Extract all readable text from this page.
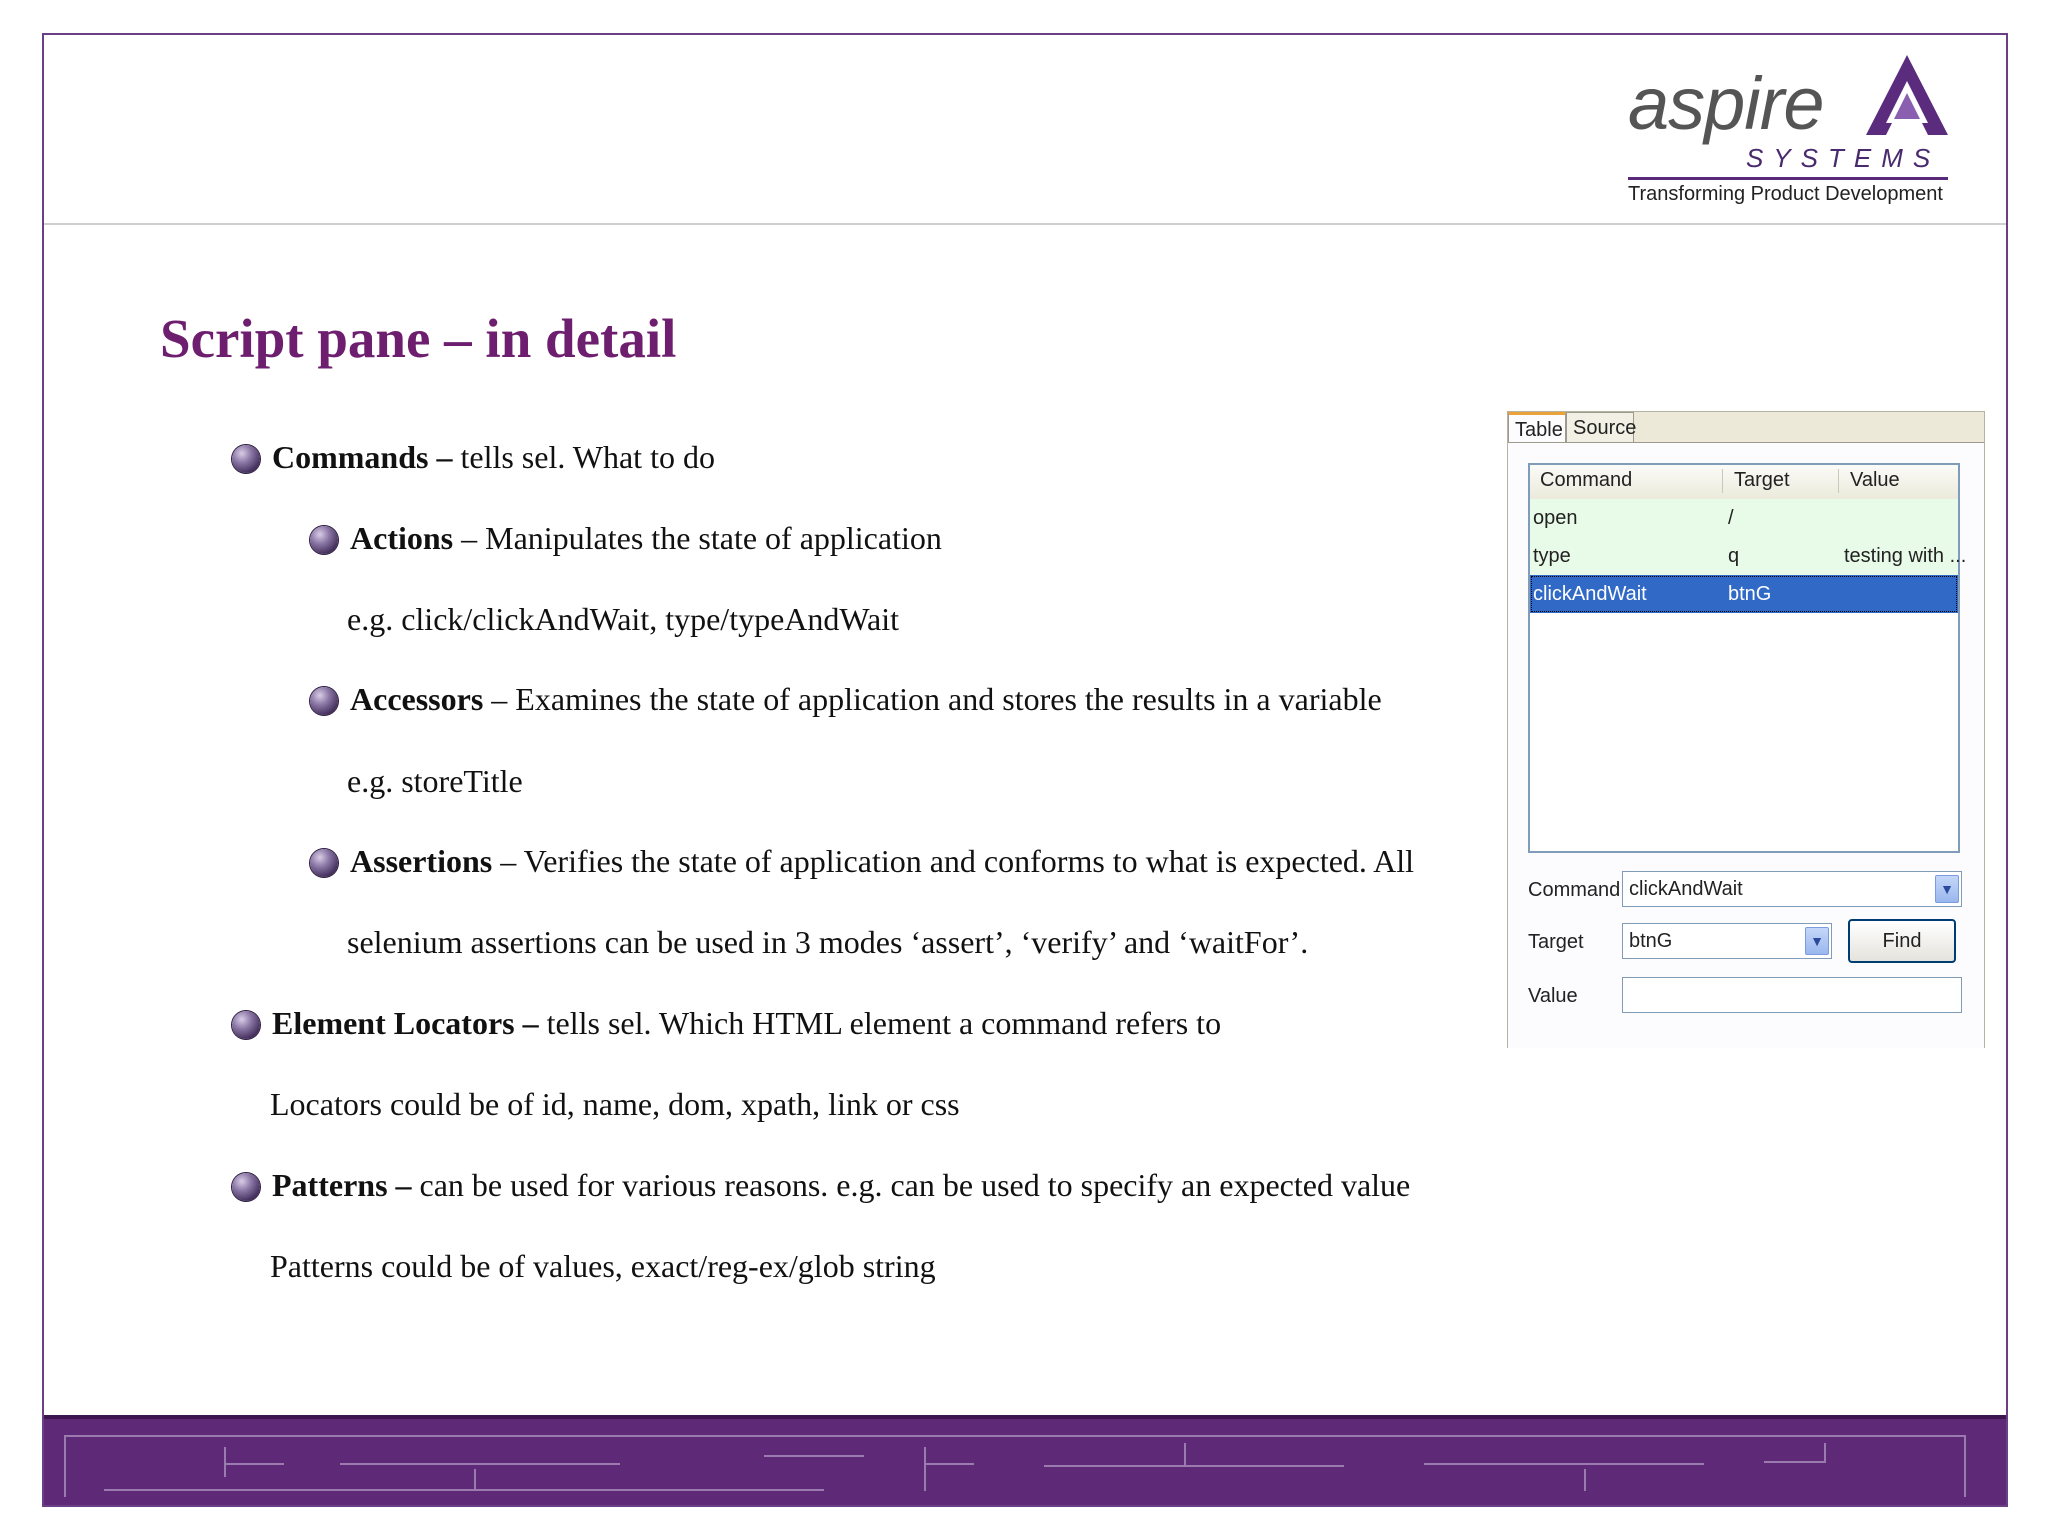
aspire
SYSTEMS
Transforming Product Development
Script pane – in detail
Commands – tells sel. What to do
Actions – Manipulates the state of application
e.g. click/clickAndWait, type/typeAndWait
Accessors – Examines the state of application and stores the results in a variable
e.g. storeTitle
Assertions – Verifies the state of application and conforms to what is expected. All
selenium assertions can be used in 3 modes ‘assert’, ‘verify’ and ‘waitFor’.
Element Locators – tells sel. Which HTML element a command refers to
Locators could be of id, name, dom, xpath, link or css
Patterns – can be used for various reasons. e.g. can be used to specify an expected value
Patterns could be of values, exact/reg-ex/glob string
Table Source
Command	Target	Value
open	/
type	q	testing with ...
clickAndWait	btnG
Command clickAndWait	▼
Target	btnG	▼	Find
Value
